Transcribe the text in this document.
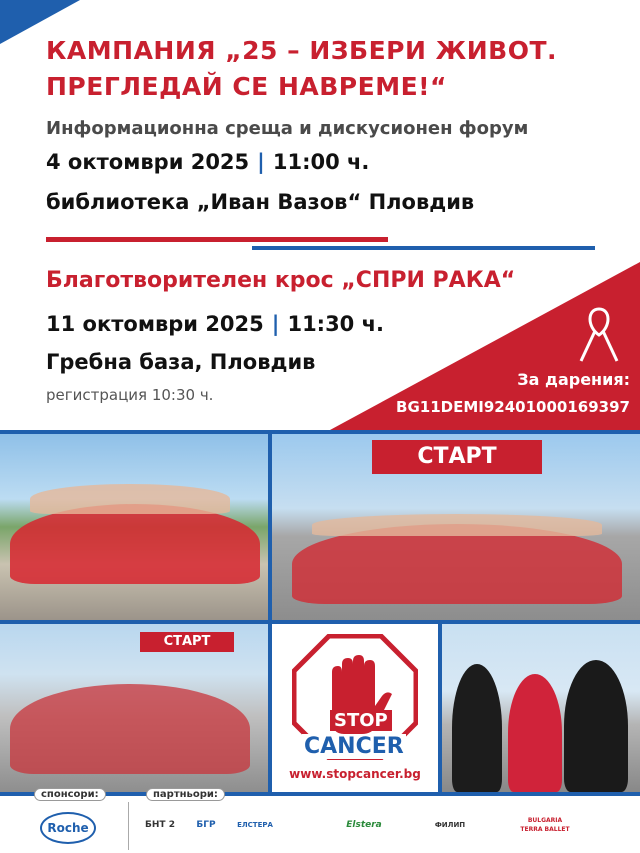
КАМПАНИЯ „25 – ИЗБЕРИ ЖИВОТ.
ПРЕГЛЕДАЙ СЕ НАВРЕМЕ!“
Информационна среща и дискусионен форум
4 октомври 2025 | 11:00 ч.
библиотека „Иван Вазов“ Пловдив
Благотворителен крос „СПРИ РАКА“
11 октомври 2025 | 11:30 ч.
Гребна база, Пловдив
регистрация 10:30 ч.
За дарения:
BG11DEMI92401000169397
СТАРТ
СТАРТ
STOP
CANCER
www.stopcancer.bg
спонсори:	партньори:
Roche	БНТ 2	БГР	ЕЛСТЕРА	Elstera	ФИЛИП
BULGARIA TERRA BALLET
